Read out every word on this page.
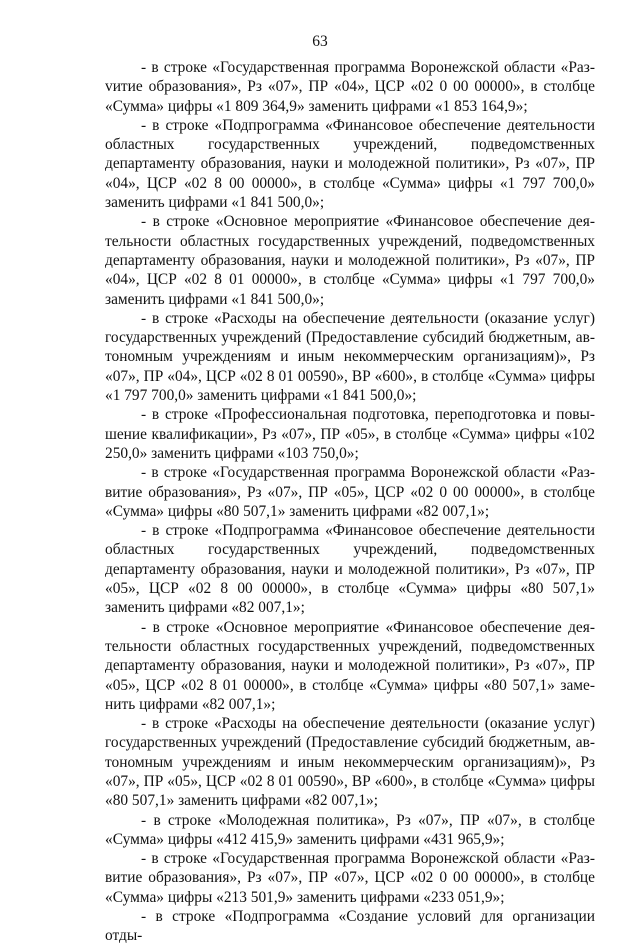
63

- в строке «Государственная программа Воронежской области «Разvитие образования», Рз «07», ПР «04», ЦСР «02 0 00 00000», в столбце «Сумма» цифры «1 809 364,9» заменить цифрами «1 853 164,9»;

- в строке «Подпрограмма «Финансовое обеспечение деятельности областных государственных учреждений, подведомственных департаменту образования, науки и молодежной политики», Рз «07», ПР «04», ЦСР «02 8 00 00000», в столбце «Сумма» цифры «1 797 700,0» заменить цифрами «1 841 500,0»;

- в строке «Основное мероприятие «Финансовое обеспечение деятельности областных государственных учреждений, подведомственных департаменту образования, науки и молодежной политики», Рз «07», ПР «04», ЦСР «02 8 01 00000», в столбце «Сумма» цифры «1 797 700,0» заменить цифрами «1 841 500,0»;

- в строке «Расходы на обеспечение деятельности (оказание услуг) государственных учреждений (Предоставление субсидий бюджетным, автономным учреждениям и иным некоммерческим организациям)», Рз «07», ПР «04», ЦСР «02 8 01 00590», ВР «600», в столбце «Сумма» цифры «1 797 700,0» заменить цифрами «1 841 500,0»;

- в строке «Профессиональная подготовка, переподготовка и повышение квалификации», Рз «07», ПР «05», в столбце «Сумма» цифры «102 250,0» заменить цифрами «103 750,0»;

- в строке «Государственная программа Воронежской области «Развитие образования», Рз «07», ПР «05», ЦСР «02 0 00 00000», в столбце «Сумма» цифры «80 507,1» заменить цифрами «82 007,1»;

- в строке «Подпрограмма «Финансовое обеспечение деятельности областных государственных учреждений, подведомственных департаменту образования, науки и молодежной политики», Рз «07», ПР «05», ЦСР «02 8 00 00000», в столбце «Сумма» цифры «80 507,1» заменить цифрами «82 007,1»;

- в строке «Основное мероприятие «Финансовое обеспечение деятельности областных государственных учреждений, подведомственных департаменту образования, науки и молодежной политики», Рз «07», ПР «05», ЦСР «02 8 01 00000», в столбце «Сумма» цифры «80 507,1» заменить цифрами «82 007,1»;

- в строке «Расходы на обеспечение деятельности (оказание услуг) государственных учреждений (Предоставление субсидий бюджетным, автономным учреждениям и иным некоммерческим организациям)», Рз «07», ПР «05», ЦСР «02 8 01 00590», ВР «600», в столбце «Сумма» цифры «80 507,1» заменить цифрами «82 007,1»;

- в строке «Молодежная политика», Рз «07», ПР «07», в столбце «Сумма» цифры «412 415,9» заменить цифрами «431 965,9»;

- в строке «Государственная программа Воронежской области «Развитие образования», Рз «07», ПР «07», ЦСР «02 0 00 00000», в столбце «Сумма» цифры «213 501,9» заменить цифрами «233 051,9»;

- в строке «Подпрограмма «Создание условий для организации отды-
